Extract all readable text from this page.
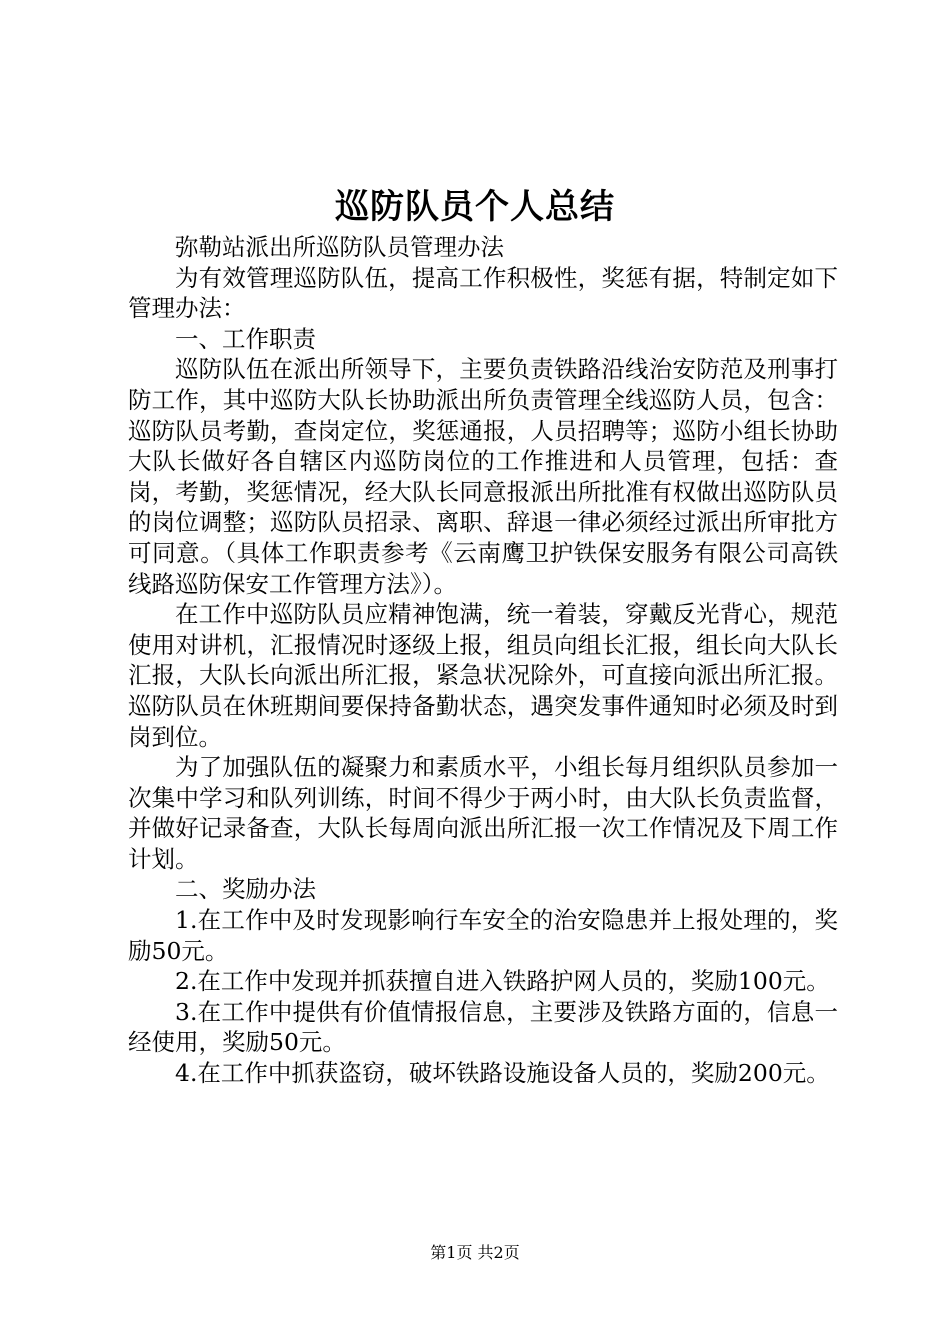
巡防队员个人总结

弥勒站派出所巡防队员管理办法

为有效管理巡防队伍，提高工作积极性，奖惩有据，特制定如下管理办法：

一、工作职责

巡防队伍在派出所领导下，主要负责铁路沿线治安防范及刑事打防工作，其中巡防大队长协助派出所负责管理全线巡防人员，包含：巡防队员考勤，查岗定位，奖惩通报，人员招聘等；巡防小组长协助大队长做好各自辖区内巡防岗位的工作推进和人员管理，包括：查岗，考勤，奖惩情况，经大队长同意报派出所批准有权做出巡防队员的岗位调整；巡防队员招录、离职、辞退一律必须经过派出所审批方可同意。（具体工作职责参考《云南鹰卫护铁保安服务有限公司高铁线路巡防保安工作管理方法》）。

在工作中巡防队员应精神饱满，统一着装，穿戴反光背心，规范使用对讲机，汇报情况时逐级上报，组员向组长汇报，组长向大队长汇报，大队长向派出所汇报，紧急状况除外，可直接向派出所汇报。巡防队员在休班期间要保持备勤状态，遇突发事件通知时必须及时到岗到位。

为了加强队伍的凝聚力和素质水平，小组长每月组织队员参加一次集中学习和队列训练，时间不得少于两小时，由大队长负责监督，并做好记录备查，大队长每周向派出所汇报一次工作情况及下周工作计划。

二、奖励办法

1.在工作中及时发现影响行车安全的治安隐患并上报处理的，奖励50元。

2.在工作中发现并抓获擅自进入铁路护网人员的，奖励100元。

3.在工作中提供有价值情报信息，主要涉及铁路方面的，信息一经使用，奖励50元。

4.在工作中抓获盗窃，破坏铁路设施设备人员的，奖励200元。

第1页 共2页
